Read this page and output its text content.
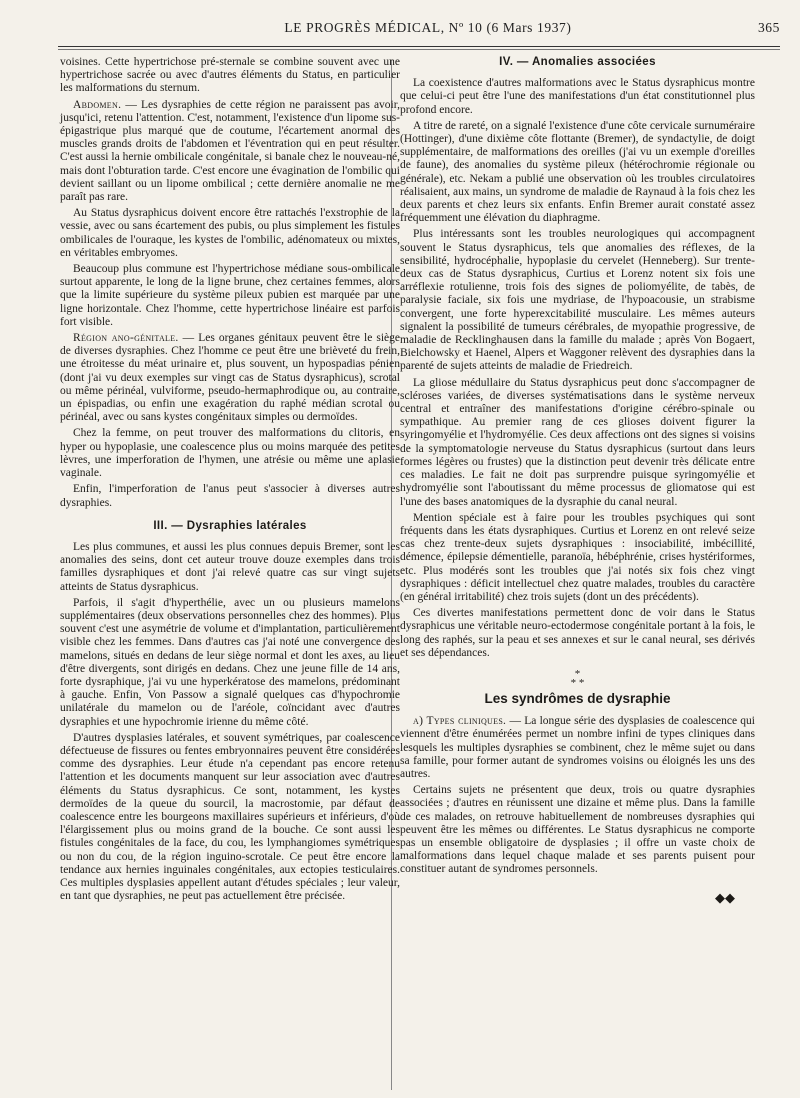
LE PROGRÈS MÉDICAL, Nº 10 (6 Mars 1937)	365

voisines. Cette hypertrichose pré-sternale se combine souvent avec une hypertrichose sacrée ou avec d'autres éléments du Status, en particulier les malformations du sternum.

Abdomen. — Les dysraphies de cette région ne paraissent pas avoir, jusqu'ici, retenu l'attention. C'est, notamment, l'existence d'un lipome sus-épigastrique plus marqué que de coutume, l'écartement anormal des muscles grands droits de l'abdomen et l'éventration qui en peut résulter. C'est aussi la hernie ombilicale congénitale, si banale chez le nouveau-né, mais dont l'obturation tarde. C'est encore une évagination de l'ombilic qui devient saillant ou un lipome ombilical ; cette dernière anomalie ne me paraît pas rare.

Au Status dysraphicus doivent encore être rattachés l'exstrophie de la vessie, avec ou sans écartement des pubis, ou plus simplement les fistules ombilicales de l'ouraque, les kystes de l'ombilic, adénomateux ou mixtes, en véritables embryomes.

Beaucoup plus commune est l'hypertrichose médiane sous-ombilicale surtout apparente, le long de la ligne brune, chez certaines femmes, alors que la limite supérieure du système pileux pubien est marquée par une ligne horizontale. Chez l'homme, cette hypertrichose linéaire est parfois fort visible.

Région ano-génitale. — Les organes génitaux peuvent être le siège de diverses dysraphies. Chez l'homme ce peut être une brièveté du frein, une étroitesse du méat urinaire et, plus souvent, un hypospadias pénien (dont j'ai vu deux exemples sur vingt cas de Status dysraphicus), scrotal ou même périnéal, vulviforme, pseudo-hermaphrodique ou, au contraire, un épispadias, ou enfin une exagération du raphé médian scrotal ou périnéal, avec ou sans kystes congénitaux simples ou dermoïdes.

Chez la femme, on peut trouver des malformations du clitoris, en hyper ou hypoplasie, une coalescence plus ou moins marquée des petites lèvres, une imperforation de l'hymen, une atrésie ou même une aplasie vaginale.

Enfin, l'imperforation de l'anus peut s'associer à diverses autres dysraphies.

III. — Dysraphies latérales

Les plus communes, et aussi les plus connues depuis Bremer, sont les anomalies des seins, dont cet auteur trouve douze exemples dans trois familles dysraphiques et dont j'ai relevé quatre cas sur vingt sujets atteints de Status dysraphicus.

Parfois, il s'agit d'hyperthélie, avec un ou plusieurs mamelons supplémentaires (deux observations personnelles chez des hommes). Plus souvent c'est une asymétrie de volume et d'implantation, particulièrement visible chez les femmes. Dans d'autres cas j'ai noté une convergence des mamelons, situés en dedans de leur siège normal et dont les axes, au lieu d'être divergents, sont dirigés en dedans. Chez une jeune fille de 14 ans, forte dysraphique, j'ai vu une hyperkératose des mamelons, prédominant à gauche. Enfin, Von Passow a signalé quelques cas d'hypochromie unilatérale du mamelon ou de l'aréole, coïncidant avec d'autres dysraphies et une hypochromie irienne du même côté.

D'autres dysplasies latérales, et souvent symétriques, par coalescence défectueuse de fissures ou fentes embryonnaires peuvent être considérées comme des dysraphies. Leur étude n'a cependant pas encore retenu l'attention et les documents manquent sur leur association avec d'autres éléments du Status dysraphicus. Ce sont, notamment, les kystes dermoïdes de la queue du sourcil, la macrostomie, par défaut de coalescence entre les bourgeons maxillaires supérieurs et inférieurs, d'où l'élargissement plus ou moins grand de la bouche. Ce sont aussi les fistules congénitales de la face, du cou, les lymphangiomes symétriques ou non du cou, de la région inguino-scrotale. Ce peut être encore la tendance aux hernies inguinales congénitales, aux ectopies testiculaires. Ces multiples dysplasies appellent autant d'études spéciales ; leur valeur, en tant que dysraphies, ne peut pas actuellement être précisée.

IV. — Anomalies associées

La coexistence d'autres malformations avec le Status dysraphicus montre que celui-ci peut être l'une des manifestations d'un état constitutionnel plus profond encore.

A titre de rareté, on a signalé l'existence d'une côte cervicale surnuméraire (Hottinger), d'une dixième côte flottante (Bremer), de syndactylie, de doigt supplémentaire, de malformations des oreilles (j'ai vu un exemple d'oreilles de faune), des anomalies du système pileux (hétérochromie régionale ou générale), etc. Nekam a publié une observation où les troubles circulatoires réalisaient, aux mains, un syndrome de maladie de Raynaud à la fois chez les deux parents et chez leurs six enfants. Enfin Bremer aurait constaté assez fréquemment une élévation du diaphragme.

Plus intéressants sont les troubles neurologiques qui accompagnent souvent le Status dysraphicus, tels que anomalies des réflexes, de la sensibilité, hydrocéphalie, hypoplasie du cervelet (Henneberg). Sur trente-deux cas de Status dysraphicus, Curtius et Lorenz notent six fois une arréflexie rotulienne, trois fois des signes de poliomyélite, de tabès, de paralysie faciale, six fois une mydriase, de l'hypoacousie, un strabisme convergent, une forte hyperexcitabilité musculaire. Les mêmes auteurs signalent la possibilité de tumeurs cérébrales, de myopathie progressive, de maladie de Recklinghausen dans la famille du malade ; après Von Bogaert, Bielchowsky et Haenel, Alpers et Waggoner relèvent des dysraphies dans la parenté de sujets atteints de maladie de Friedreich.

La gliose médullaire du Status dysraphicus peut donc s'accompagner de scléroses variées, de diverses systématisations dans le système nerveux central et entraîner des manifestations d'origine cérébro-spinale ou sympathique. Au premier rang de ces glioses doivent figurer la syringomyélie et l'hydromyélie. Ces deux affections ont des signes si voisins de la symptomatologie nerveuse du Status dysraphicus (surtout dans leurs formes légères ou frustes) que la distinction peut devenir très délicate entre ces maladies. Le fait ne doit pas surprendre puisque syringomyélie et hydromyélie sont l'aboutissant du même processus de gliomatose qui est l'une des bases anatomiques de la dysraphie du canal neural.

Mention spéciale est à faire pour les troubles psychiques qui sont fréquents dans les états dysraphiques. Curtius et Lorenz en ont relevé seize cas chez trente-deux sujets dysraphiques : insociabilité, imbécillité, démence, épilepsie démentielle, paranoïa, hébéphrénie, crises hystériformes, etc. Plus modérés sont les troubles que j'ai notés six fois chez vingt dysraphiques : déficit intellectuel chez quatre malades, troubles du caractère (en général irritabilité) chez trois sujets (dont un des précédents).

Ces divertes manifestations permettent donc de voir dans le Status dysraphicus une véritable neuro-ectodermose congénitale portant à la fois, le long des raphés, sur la peau et ses annexes et sur le canal neural, ses dérivés et ses dépendances.

*
* *
Les syndrômes de dysraphie

a) Types cliniques. — La longue série des dysplasies de coalescence qui viennent d'être énumérées permet un nombre infini de types cliniques dans lesquels les multiples dysraphies se combinent, chez le même sujet ou dans sa famille, pour former autant de syndromes voisins ou éloignés les uns des autres.

Certains sujets ne présentent que deux, trois ou quatre dysraphies associées ; d'autres en réunissent une dizaine et même plus. Dans la famille de ces malades, on retrouve habituellement de nombreuses dysraphies qui peuvent être les mêmes ou différentes. Le Status dysraphicus ne comporte pas un ensemble obligatoire de dysplasies ; il offre un vaste choix de malformations dans lequel chaque malade et ses parents puisent pour constituer autant de syndromes personnels.

◆◆
